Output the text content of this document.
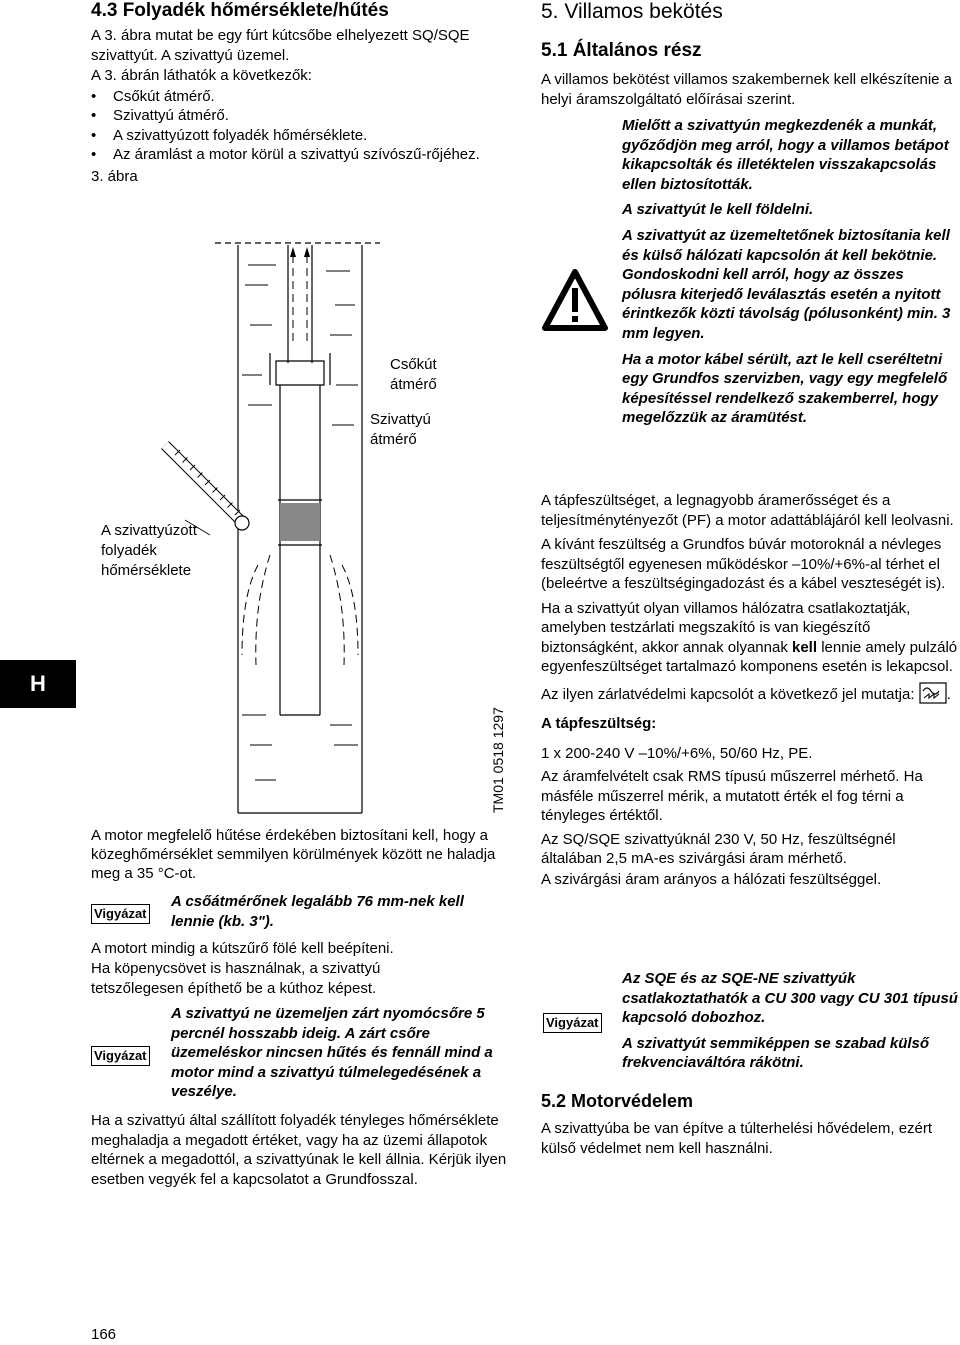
H
166
4.3 Folyadék hőmérséklete/hűtés
A 3. ábra mutat be egy fúrt kútcsőbe elhelyezett SQ/SQE szivattyút. A szivattyú üzemel.
A 3. ábrán láthatók a következők:
• Csőkút átmérő.
• Szivattyú átmérő.
• A szivattyúzott folyadék hőmérséklete.
• Az áramlást a motor körül a szivattyú szívószű-rőjéhez.
3. ábra
TM01 0518 1297
Csőkút átmérő
Szivattyú átmérő
A szivattyúzott folyadék hőmérséklete
A motor megfelelő hűtése érdekében biztosítani kell, hogy a közeghőmérséklet semmilyen körülmények között ne haladja meg a 35 °C-ot.
Vigyázat
A csőátmérőnek legalább 76 mm-nek kell lennie (kb. 3").
A motort mindig a kútszűrő fölé kell beépíteni.
Ha köpenycsövet is használnak, a szivattyú tetszőlegesen építhető be a kúthoz képest.
Vigyázat
A szivattyú ne üzemeljen zárt nyomócsőre 5 percnél hosszabb ideig. A zárt csőre üzemeléskor nincsen hűtés és fennáll mind a motor mind a szivattyú túlmelegedésének a veszélye.
Ha a szivattyú által szállított folyadék tényleges hőmérséklete meghaladja a megadott értéket, vagy ha az üzemi állapotok eltérnek a megadottól, a szivattyúnak le kell állnia. Kérjük ilyen esetben vegyék fel a kapcsolatot a Grundfosszal.
5. Villamos bekötés
5.1 Általános rész
A villamos bekötést villamos szakembernek kell elkészítenie a helyi áramszolgáltató előírásai szerint.
Mielőtt a szivattyún megkezdenék a munkát, győződjön meg arról, hogy a villamos betápot kikapcsolták és illetéktelen visszakapcsolás ellen biztosították.
A szivattyút le kell földelni.
A szivattyút az üzemeltetőnek biztosítania kell és külső hálózati kapcsolón át kell bekötnie.
Gondoskodni kell arról, hogy az összes pólusra kiterjedő leválasztás esetén a nyitott érintkezők közti távolság (pólusonként) min. 3 mm legyen.
Ha a motor kábel sérült, azt le kell cseréltetni egy Grundfos szervizben, vagy egy megfelelő képesítéssel rendelkező szakemberrel, hogy megelőzzük az áramütést.
A tápfeszültséget, a legnagyobb áramerősséget és a teljesítménytényezőt (PF) a motor adattáblájáról kell leolvasni.
A kívánt feszültség a Grundfos búvár motoroknál a névleges feszültségtől egyenesen működéskor –10%/+6%-al térhet el (beleértve a feszültségingadozást és a kábel veszteségét is).
Ha a szivattyút olyan villamos hálózatra csatlakoztatják, amelyben testzárlati megszakító is van kiegészítő biztonságként, akkor annak olyannak kell lennie amely pulzáló egyenfeszültséget tartalmazó komponens esetén is lekapcsol.
Az ilyen zárlatvédelmi kapcsolót a következő jel mutatja: .
A tápfeszültség:
1 x 200-240 V –10%/+6%, 50/60 Hz, PE.
Az áramfelvételt csak RMS típusú műszerrel mérhető. Ha másféle műszerrel mérik, a mutatott érték el fog térni a tényleges értéktől.
Az SQ/SQE szivattyúknál 230 V, 50 Hz, feszültségnél általában 2,5 mA-es szivárgási áram mérhető.
A szivárgási áram arányos a hálózati feszültséggel.
Vigyázat
Az SQE és az SQE-NE szivattyúk csatlakoztathatók a CU 300 vagy CU 301 típusú kapcsoló dobozhoz.
A szivattyút semmiképpen se szabad külső frekvenciaváltóra rákötni.
5.2 Motorvédelem
A szivattyúba be van építve a túlterhelési hővédelem, ezért külső védelmet nem kell használni.
